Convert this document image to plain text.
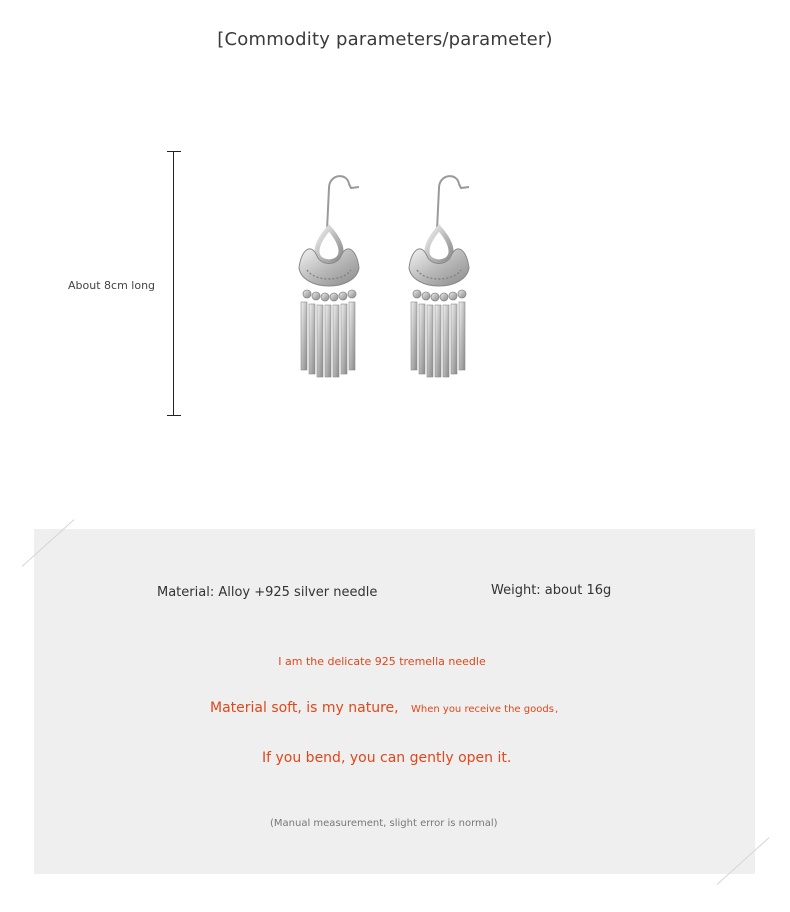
[Commodity parameters/parameter)
About 8cm long
Material: Alloy +925 silver needle	Weight: about 16g
I am the delicate 925 tremella needle
Material soft, is my nature, When you receive the goods ,
If you bend, you can gently open it.
(Manual measurement, slight error is normal)
